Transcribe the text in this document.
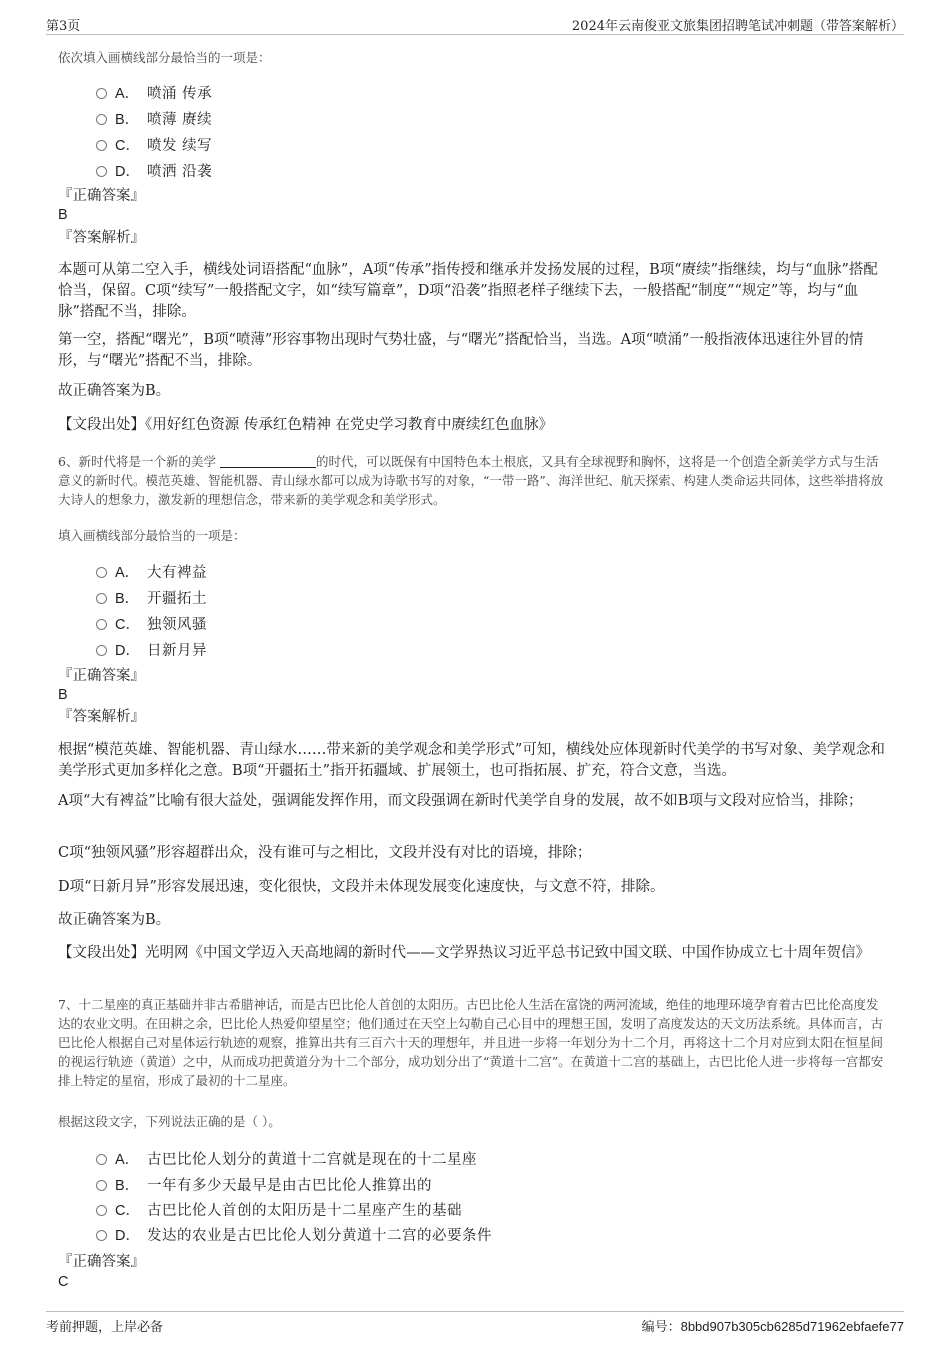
第3页	2024年云南俊亚文旅集团招聘笔试冲刺题（带答案解析）
依次填入画横线部分最恰当的一项是：
A． 喷涌 传承
B． 喷薄 赓续
C． 喷发 续写
D． 喷洒 沿袭
『正确答案』
B
『答案解析』
本题可从第二空入手，横线处词语搭配“血脉”，A项“传承”指传授和继承并发扬发展的过程，B项“赓续”指继续，均与“血脉”搭配恰当，保留。C项“续写”一般搭配文字，如“续写篇章”，D项“沿袭”指照老样子继续下去，一般搭配“制度”“规定”等，均与“血脉”搭配不当，排除。
第一空，搭配“曙光”，B项“喷薄”形容事物出现时气势壮盛，与“曙光”搭配恰当，当选。A项“喷涌”一般指液体迅速往外冒的情形，与“曙光”搭配不当，排除。
故正确答案为B。
【文段出处】《用好红色资源 传承红色精神 在党史学习教育中赓续红色血脉》
6、新时代将是一个新的美学	的时代，可以既保有中国特色本土根底，又具有全球视野和胸怀，这将是一个创造全新美学方式与生活意义的新时代。模范英雄、智能机器、青山绿水都可以成为诗歌书写的对象，“一带一路”、海洋世纪、航天探索、构建人类命运共同体，这些举措将放大诗人的想象力，激发新的理想信念，带来新的美学观念和美学形式。
填入画横线部分最恰当的一项是：
A． 大有裨益
B． 开疆拓土
C． 独领风骚
D． 日新月异
『正确答案』
B
『答案解析』
根据“模范英雄、智能机器、青山绿水……带来新的美学观念和美学形式”可知，横线处应体现新时代美学的书写对象、美学观念和美学形式更加多样化之意。B项“开疆拓土”指开拓疆域、扩展领土，也可指拓展、扩充，符合文意，当选。
A项“大有裨益”比喻有很大益处，强调能发挥作用，而文段强调在新时代美学自身的发展，故不如B项与文段对应恰当，排除；
C项“独领风骚”形容超群出众，没有谁可与之相比，文段并没有对比的语境，排除；
D项“日新月异”形容发展迅速，变化很快，文段并未体现发展变化速度快，与文意不符，排除。
故正确答案为B。
【文段出处】光明网《中国文学迈入天高地阔的新时代——文学界热议习近平总书记致中国文联、中国作协成立七十周年贺信》
7、十二星座的真正基础并非古希腊神话，而是古巴比伦人首创的太阳历。古巴比伦人生活在富饶的两河流域，绝佳的地理环境孕育着古巴比伦高度发达的农业文明。在田耕之余，巴比伦人热爱仰望星空；他们通过在天空上勾勒自己心目中的理想王国，发明了高度发达的天文历法系统。具体而言，古巴比伦人根据自己对星体运行轨迹的观察，推算出共有三百六十天的理想年，并且进一步将一年划分为十二个月，再将这十二个月对应到太阳在恒星间的视运行轨迹（黄道）之中，从而成功把黄道分为十二个部分，成功划分出了“黄道十二宫”。在黄道十二宫的基础上，古巴比伦人进一步将每一宫都安排上特定的星宿，形成了最初的十二星座。
根据这段文字，下列说法正确的是（ ）。
A． 古巴比伦人划分的黄道十二宫就是现在的十二星座
B． 一年有多少天最早是由古巴比伦人推算出的
C． 古巴比伦人首创的太阳历是十二星座产生的基础
D． 发达的农业是古巴比伦人划分黄道十二宫的必要条件
『正确答案』
C
考前押题，上岸必备	编号：8bbd907b305cb6285d71962ebfaefe77
